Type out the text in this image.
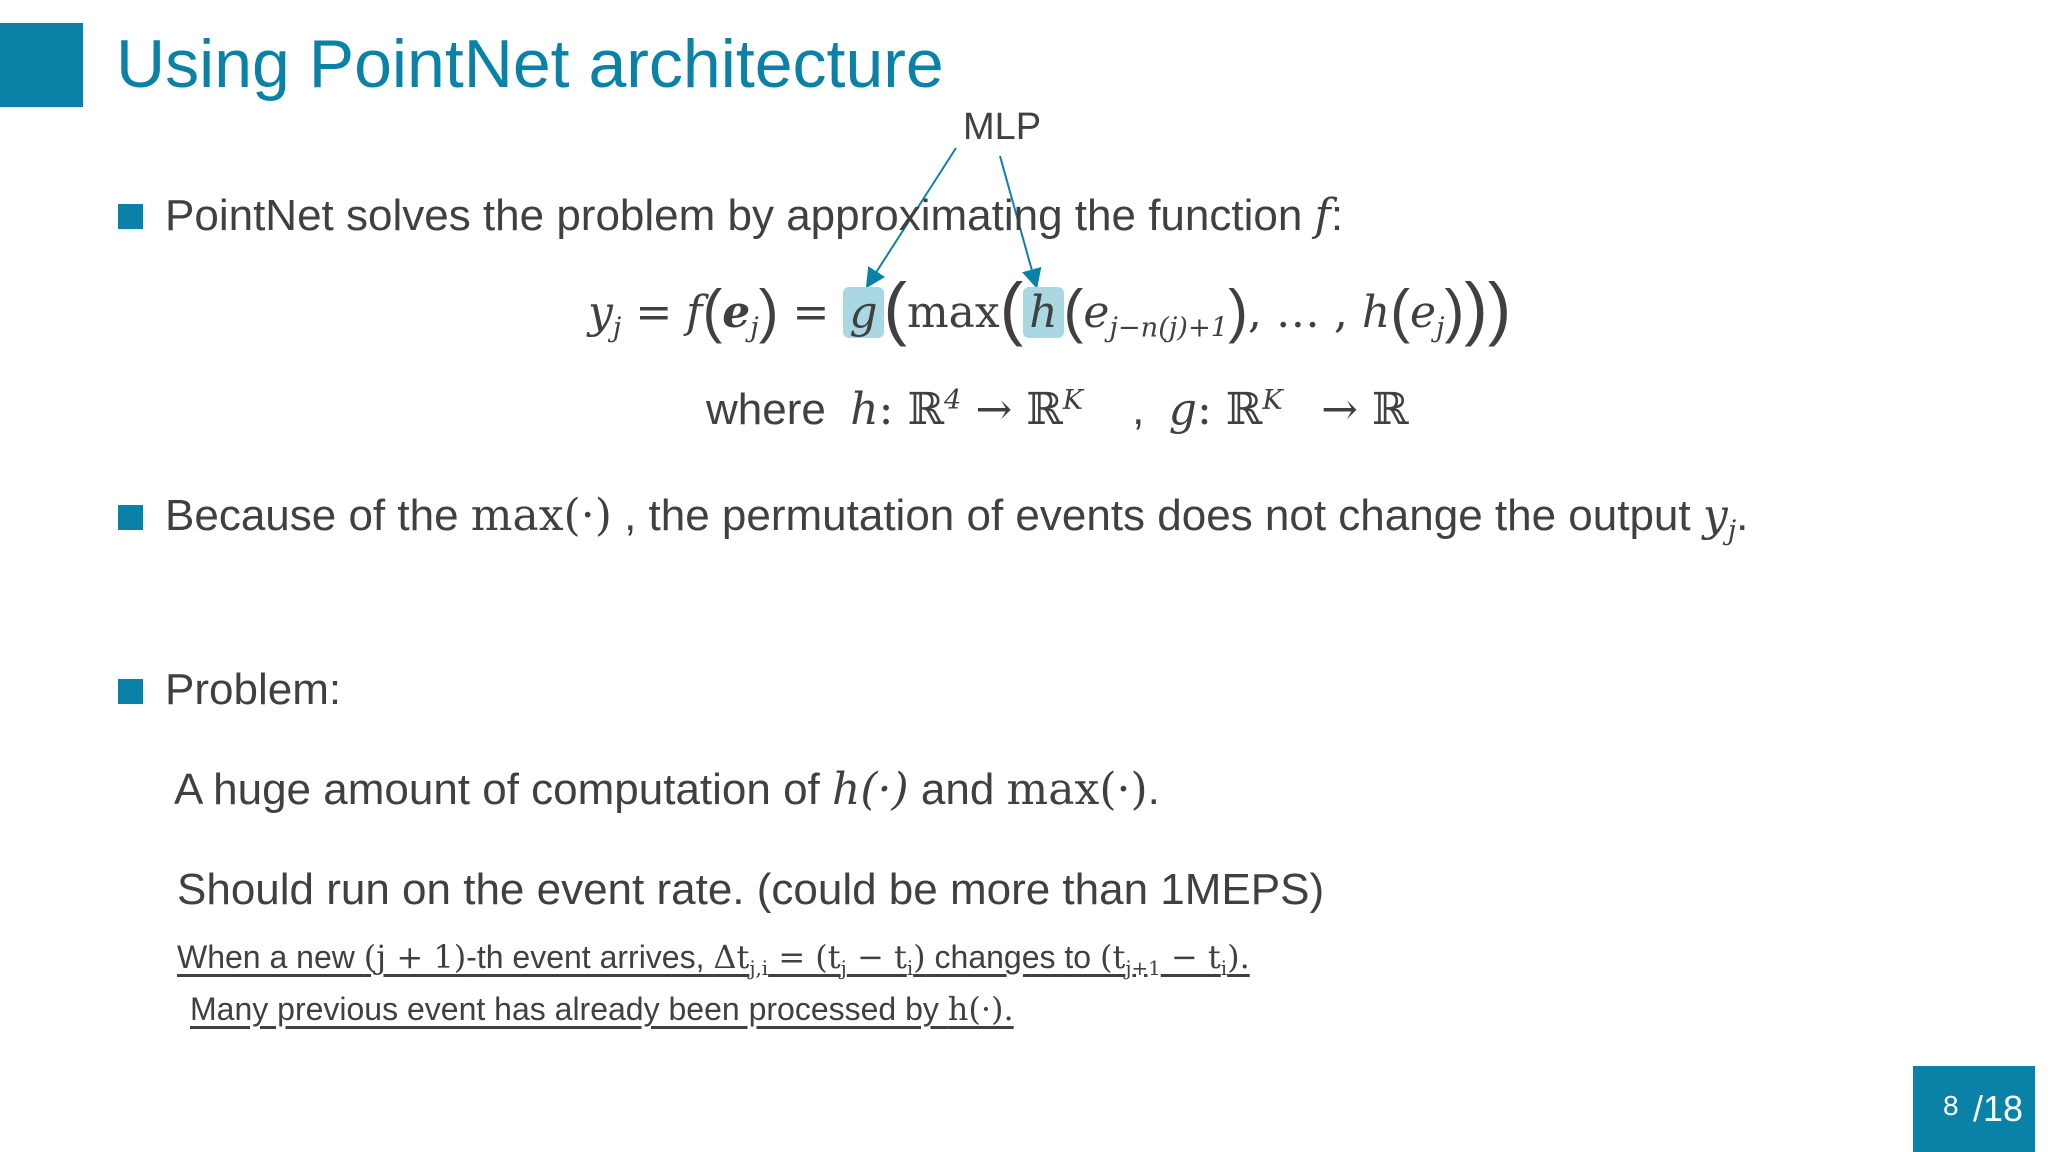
Using PointNet architecture
MLP
PointNet solves the problem by approximating the function f:
$y_j = f(e_j) = g(\max$( h $(e_{j-n(j)+1})$, … , $h(e_j)$))
where h: ℝ$^4$ → ℝ$^K$ , g: ℝ$^K$   → ℝ
Because of the max(·) , the permutation of events does not change the output $y_j$.
Problem:
A huge amount of computation of h(·) and max(·).
Should run on the event rate. (could be more than 1MEPS)
When a new (j + 1)-th event arrives, $\Delta t_{j,i} = (t_j - t_i)$ changes to $(t_{j+1} - t_i)$.
Many previous event has already been processed by h(·).
8 /18
